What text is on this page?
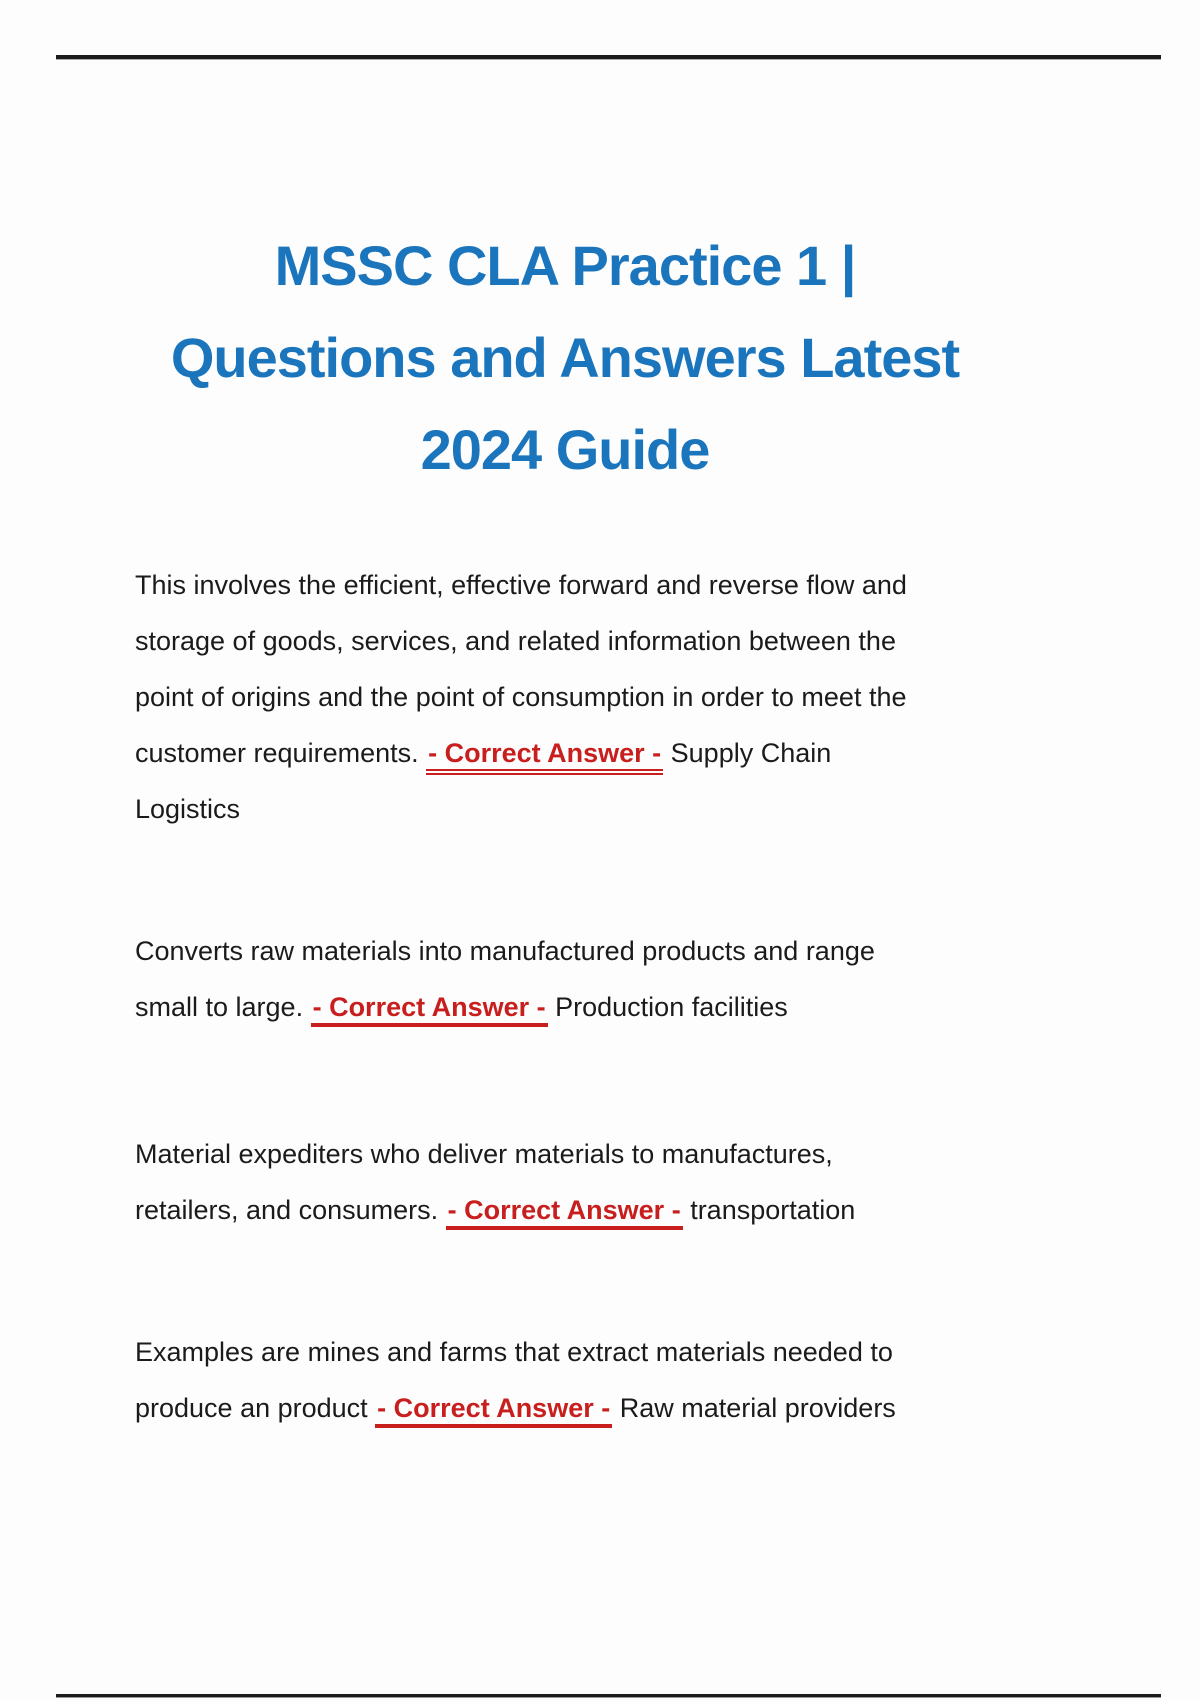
MSSC CLA Practice 1 |
Questions and Answers Latest
2024 Guide
This involves the efficient, effective forward and reverse flow and
storage of goods, services, and related information between the
point of origins and the point of consumption in order to meet the
customer requirements. - Correct Answer - Supply Chain
Logistics
Converts raw materials into manufactured products and range
small to large. - Correct Answer - Production facilities
Material expediters who deliver materials to manufactures,
retailers, and consumers. - Correct Answer - transportation
Examples are mines and farms that extract materials needed to
produce an product - Correct Answer - Raw material providers
